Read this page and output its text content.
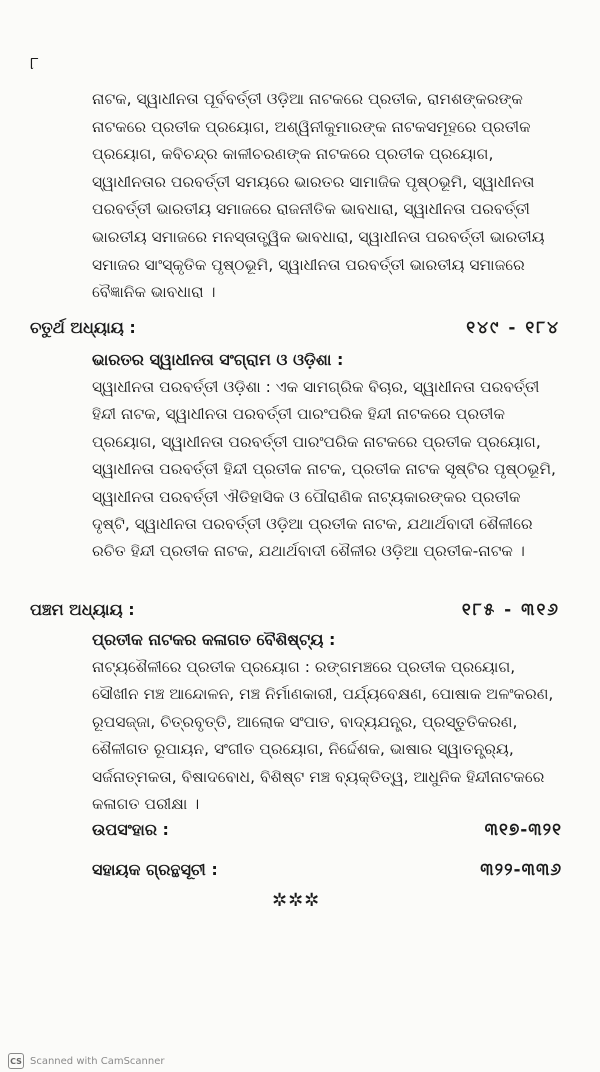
୮

ନାଟକ, ସ୍ୱାଧୀନତା ପୂର୍ବବର୍ତ୍ତୀ ଓଡ଼ିଆ ନାଟକରେ ପ୍ରତୀକ, ରାମଶଙ୍କରଙ୍କ ନାଟକରେ ପ୍ରତୀକ ପ୍ରୟୋଗ, ଅଶ୍ୱିନୀକୁମାରଙ୍କ ନାଟକସମୂହରେ ପ୍ରତୀକ ପ୍ରୟୋଗ, କବିଚନ୍ଦ୍ର କାଳୀଚରଣଙ୍କ ନାଟକରେ ପ୍ରତୀକ ପ୍ରୟୋଗ, ସ୍ୱାଧୀନତାର ପରବର୍ତ୍ତୀ ସମୟରେ ଭାରତର ସାମାଜିକ ପୃଷ୍ଠଭୂମି, ସ୍ୱାଧୀନତା ପରବର୍ତ୍ତୀ ଭାରତୀୟ ସମାଜରେ ରାଜନୀତିକ ଭାବଧାରା, ସ୍ୱାଧୀନତା ପରବର୍ତ୍ତୀ ଭାରତୀୟ ସମାଜରେ ମନସ୍ତାତ୍ତ୍ୱିକ ଭାବଧାରା, ସ୍ୱାଧୀନତା ପରବର୍ତ୍ତୀ ଭାରତୀୟ ସମାଜର ସାଂସ୍କୃତିକ ପୃଷ୍ଠଭୂମି, ସ୍ୱାଧୀନତା ପରବର୍ତ୍ତୀ ଭାରତୀୟ ସମାଜରେ ବୈଜ୍ଞାନିକ ଭାବଧାରା ।

ଚତୁର୍ଥ ଅଧ୍ୟାୟ :	୧୪୯ - ୧୮୪
ଭାରତର ସ୍ୱାଧୀନତା ସଂଗ୍ରାମ ଓ ଓଡ଼ିଶା :

ସ୍ୱାଧୀନତା ପରବର୍ତ୍ତୀ ଓଡ଼ିଶା : ଏକ ସାମଗ୍ରିକ ବିଚାର, ସ୍ୱାଧୀନତା ପରବର୍ତ୍ତୀ ହିନ୍ଦୀ ନାଟକ, ସ୍ୱାଧୀନତା ପରବର୍ତ୍ତୀ ପାରଂପରିକ ହିନ୍ଦୀ ନାଟକରେ ପ୍ରତୀକ ପ୍ରୟୋଗ, ସ୍ୱାଧୀନତା ପରବର୍ତ୍ତୀ ପାରଂପରିକ ନାଟକରେ ପ୍ରତୀକ ପ୍ରୟୋଗ, ସ୍ୱାଧୀନତା ପରବର୍ତ୍ତୀ ହିନ୍ଦୀ ପ୍ରତୀକ ନାଟକ, ପ୍ରତୀକ ନାଟକ ସୃଷ୍ଟିର ପୃଷ୍ଠଭୂମି, ସ୍ୱାଧୀନତା ପରବର୍ତ୍ତୀ ଐତିହାସିକ ଓ ପୌରାଣିକ ନାଟ୍ୟକାରଙ୍କର ପ୍ରତୀକ ଦୃଷ୍ଟି, ସ୍ୱାଧୀନତା ପରବର୍ତ୍ତୀ ଓଡ଼ିଆ ପ୍ରତୀକ ନାଟକ, ଯଥାର୍ଥବାଦୀ ଶୈଳୀରେ ରଚିତ ହିନ୍ଦୀ ପ୍ରତୀକ ନାଟକ, ଯଥାର୍ଥବାଦୀ ଶୈଳୀର ଓଡ଼ିଆ ପ୍ରତୀକ-ନାଟକ ।

ପଞ୍ଚମ ଅଧ୍ୟାୟ :	୧୮୫ - ୩୧୬
ପ୍ରତୀକ ନାଟକର କଳାଗତ ବୈଶିଷ୍ଟ୍ୟ :

ନାଟ୍ୟଶୈଳୀରେ ପ୍ରତୀକ ପ୍ରୟୋଗ : ରଙ୍ଗମଞ୍ଚରେ ପ୍ରତୀକ ପ୍ରୟୋଗ, ସୌଖୀନ ମଞ୍ଚ ଆନ୍ଦୋଳନ, ମଞ୍ଚ ନିର୍ମାଣକାରୀ, ପର୍ଯ୍ୟବେକ୍ଷଣ, ପୋଷାକ ଅଳଂକରଣ, ରୂପସଜ୍ଜା, ଚିତ୍ରବୃତ୍ତି, ଆଲୋକ ସଂପାତ, ବାଦ୍ୟଯନ୍ତ୍ର, ପ୍ରସ୍ତୁତିକରଣ, ଶୈଳୀଗତ ରୂପାୟନ, ସଂଗୀତ ପ୍ରୟୋଗ, ନିର୍ଦ୍ଦେଶକ, ଭାଷାର ସ୍ୱାତନ୍ତ୍ର୍ୟ, ସର୍ଜନାତ୍ମକତା, ବିଷାଦବୋଧ, ବିଶିଷ୍ଟ ମଞ୍ଚ ବ୍ୟକ୍ତିତ୍ୱ, ଆଧୁନିକ ହିନ୍ଦୀନାଟକରେ କଳାଗତ ପରୀକ୍ଷା ।

ଉପସଂହାର :	୩୧୭-୩୨୧
ସହାୟକ ଗ୍ରନ୍ଥସୂଚୀ :	୩୨୨-୩୩୬
✲✲✲
CS Scanned with CamScanner
